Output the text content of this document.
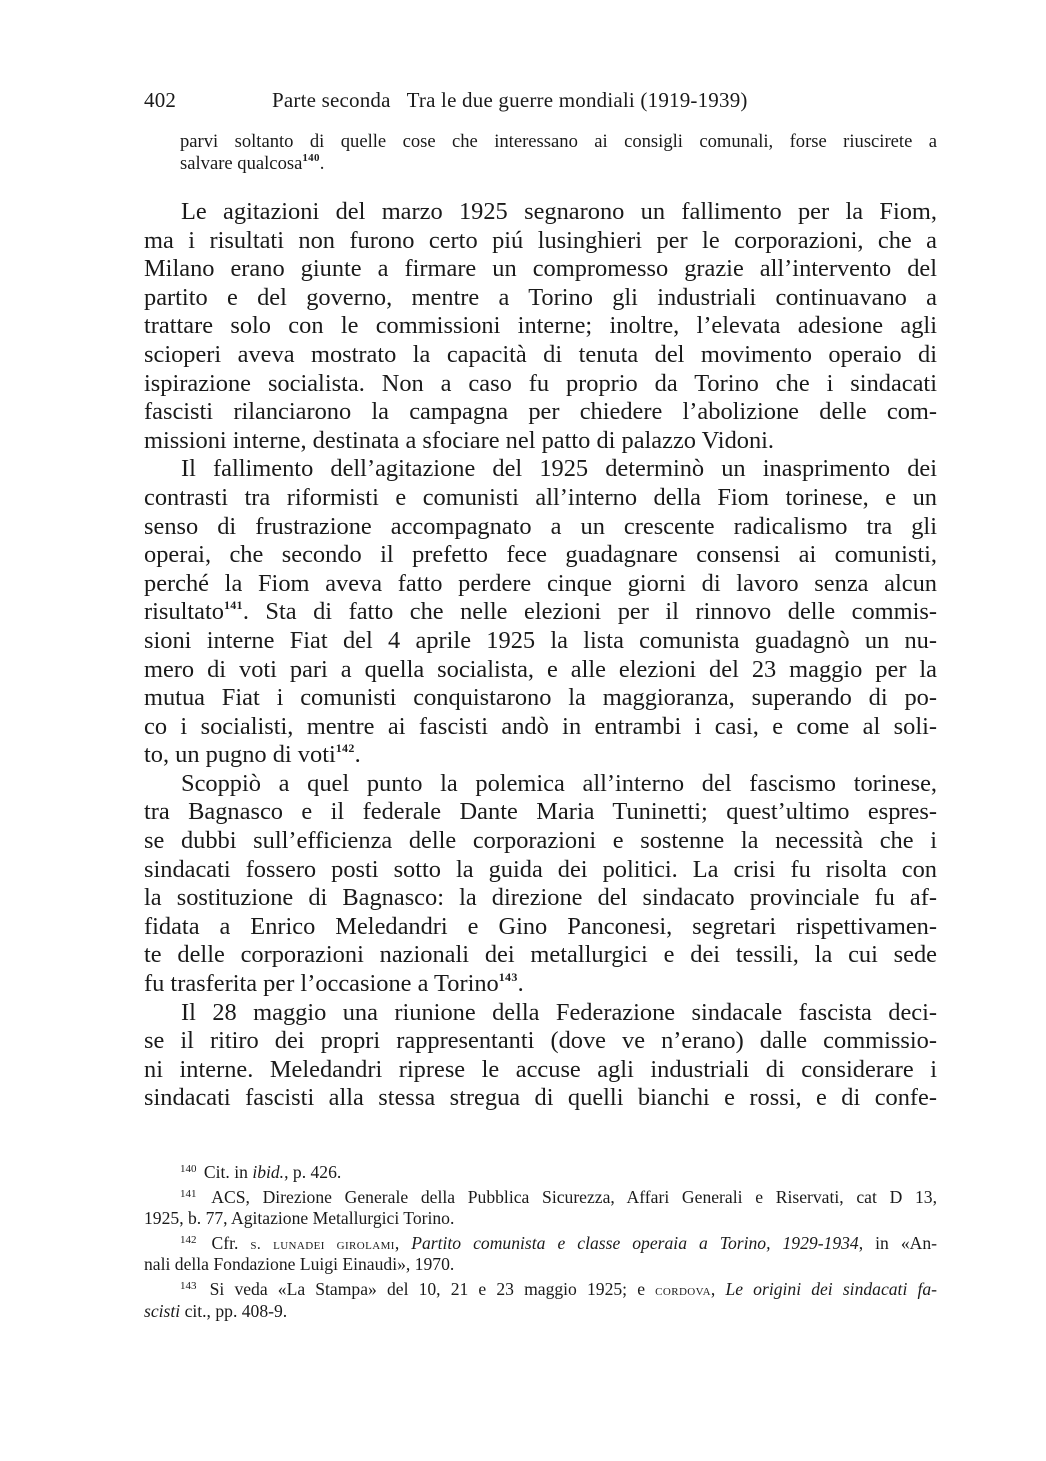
402	Parte seconda   Tra le due guerre mondiali (1919-1939)
parvi soltanto di quelle cose che interessano ai consigli comunali, forse riuscirete a
salvare qualcosa$^{140}$.
Le agitazioni del marzo 1925 segnarono un fallimento per la Fiom,
ma i risultati non furono certo piú lusinghieri per le corporazioni, che a
Milano erano giunte a firmare un compromesso grazie all’intervento del
partito e del governo, mentre a Torino gli industriali continuavano a
trattare solo con le commissioni interne; inoltre, l’elevata adesione agli
scioperi aveva mostrato la capacità di tenuta del movimento operaio di
ispirazione socialista. Non a caso fu proprio da Torino che i sindacati
fascisti rilanciarono la campagna per chiedere l’abolizione delle com-
missioni interne, destinata a sfociare nel patto di palazzo Vidoni.
Il fallimento dell’agitazione del 1925 determinò un inasprimento dei
contrasti tra riformisti e comunisti all’interno della Fiom torinese, e un
senso di frustrazione accompagnato a un crescente radicalismo tra gli
operai, che secondo il prefetto fece guadagnare consensi ai comunisti,
perché la Fiom aveva fatto perdere cinque giorni di lavoro senza alcun
risultato$^{141}$. Sta di fatto che nelle elezioni per il rinnovo delle commis-
sioni interne Fiat del 4 aprile 1925 la lista comunista guadagnò un nu-
mero di voti pari a quella socialista, e alle elezioni del 23 maggio per la
mutua Fiat i comunisti conquistarono la maggioranza, superando di po-
co i socialisti, mentre ai fascisti andò in entrambi i casi, e come al soli-
to, un pugno di voti$^{142}$.
Scoppiò a quel punto la polemica all’interno del fascismo torinese,
tra Bagnasco e il federale Dante Maria Tuninetti; quest’ultimo espres-
se dubbi sull’efficienza delle corporazioni e sostenne la necessità che i
sindacati fossero posti sotto la guida dei politici. La crisi fu risolta con
la sostituzione di Bagnasco: la direzione del sindacato provinciale fu af-
fidata a Enrico Meledandri e Gino Panconesi, segretari rispettivamen-
te delle corporazioni nazionali dei metallurgici e dei tessili, la cui sede
fu trasferita per l’occasione a Torino$^{143}$.
Il 28 maggio una riunione della Federazione sindacale fascista deci-
se il ritiro dei propri rappresentanti (dove ve n’erano) dalle commissio-
ni interne. Meledandri riprese le accuse agli industriali di considerare i
sindacati fascisti alla stessa stregua di quelli bianchi e rossi, e di confe-
$^{140}$ Cit. in ibid., p. 426.
$^{141}$ ACS, Direzione Generale della Pubblica Sicurezza, Affari Generali e Riservati, cat D 13,
1925, b. 77, Agitazione Metallurgici Torino.
$^{142}$ Cfr. s. lunadei girolami, Partito comunista e classe operaia a Torino, 1929-1934, in «An-
nali della Fondazione Luigi Einaudi», 1970.
$^{143}$ Si veda «La Stampa» del 10, 21 e 23 maggio 1925; e cordova, Le origini dei sindacati fa-
scisti cit., pp. 408-9.
